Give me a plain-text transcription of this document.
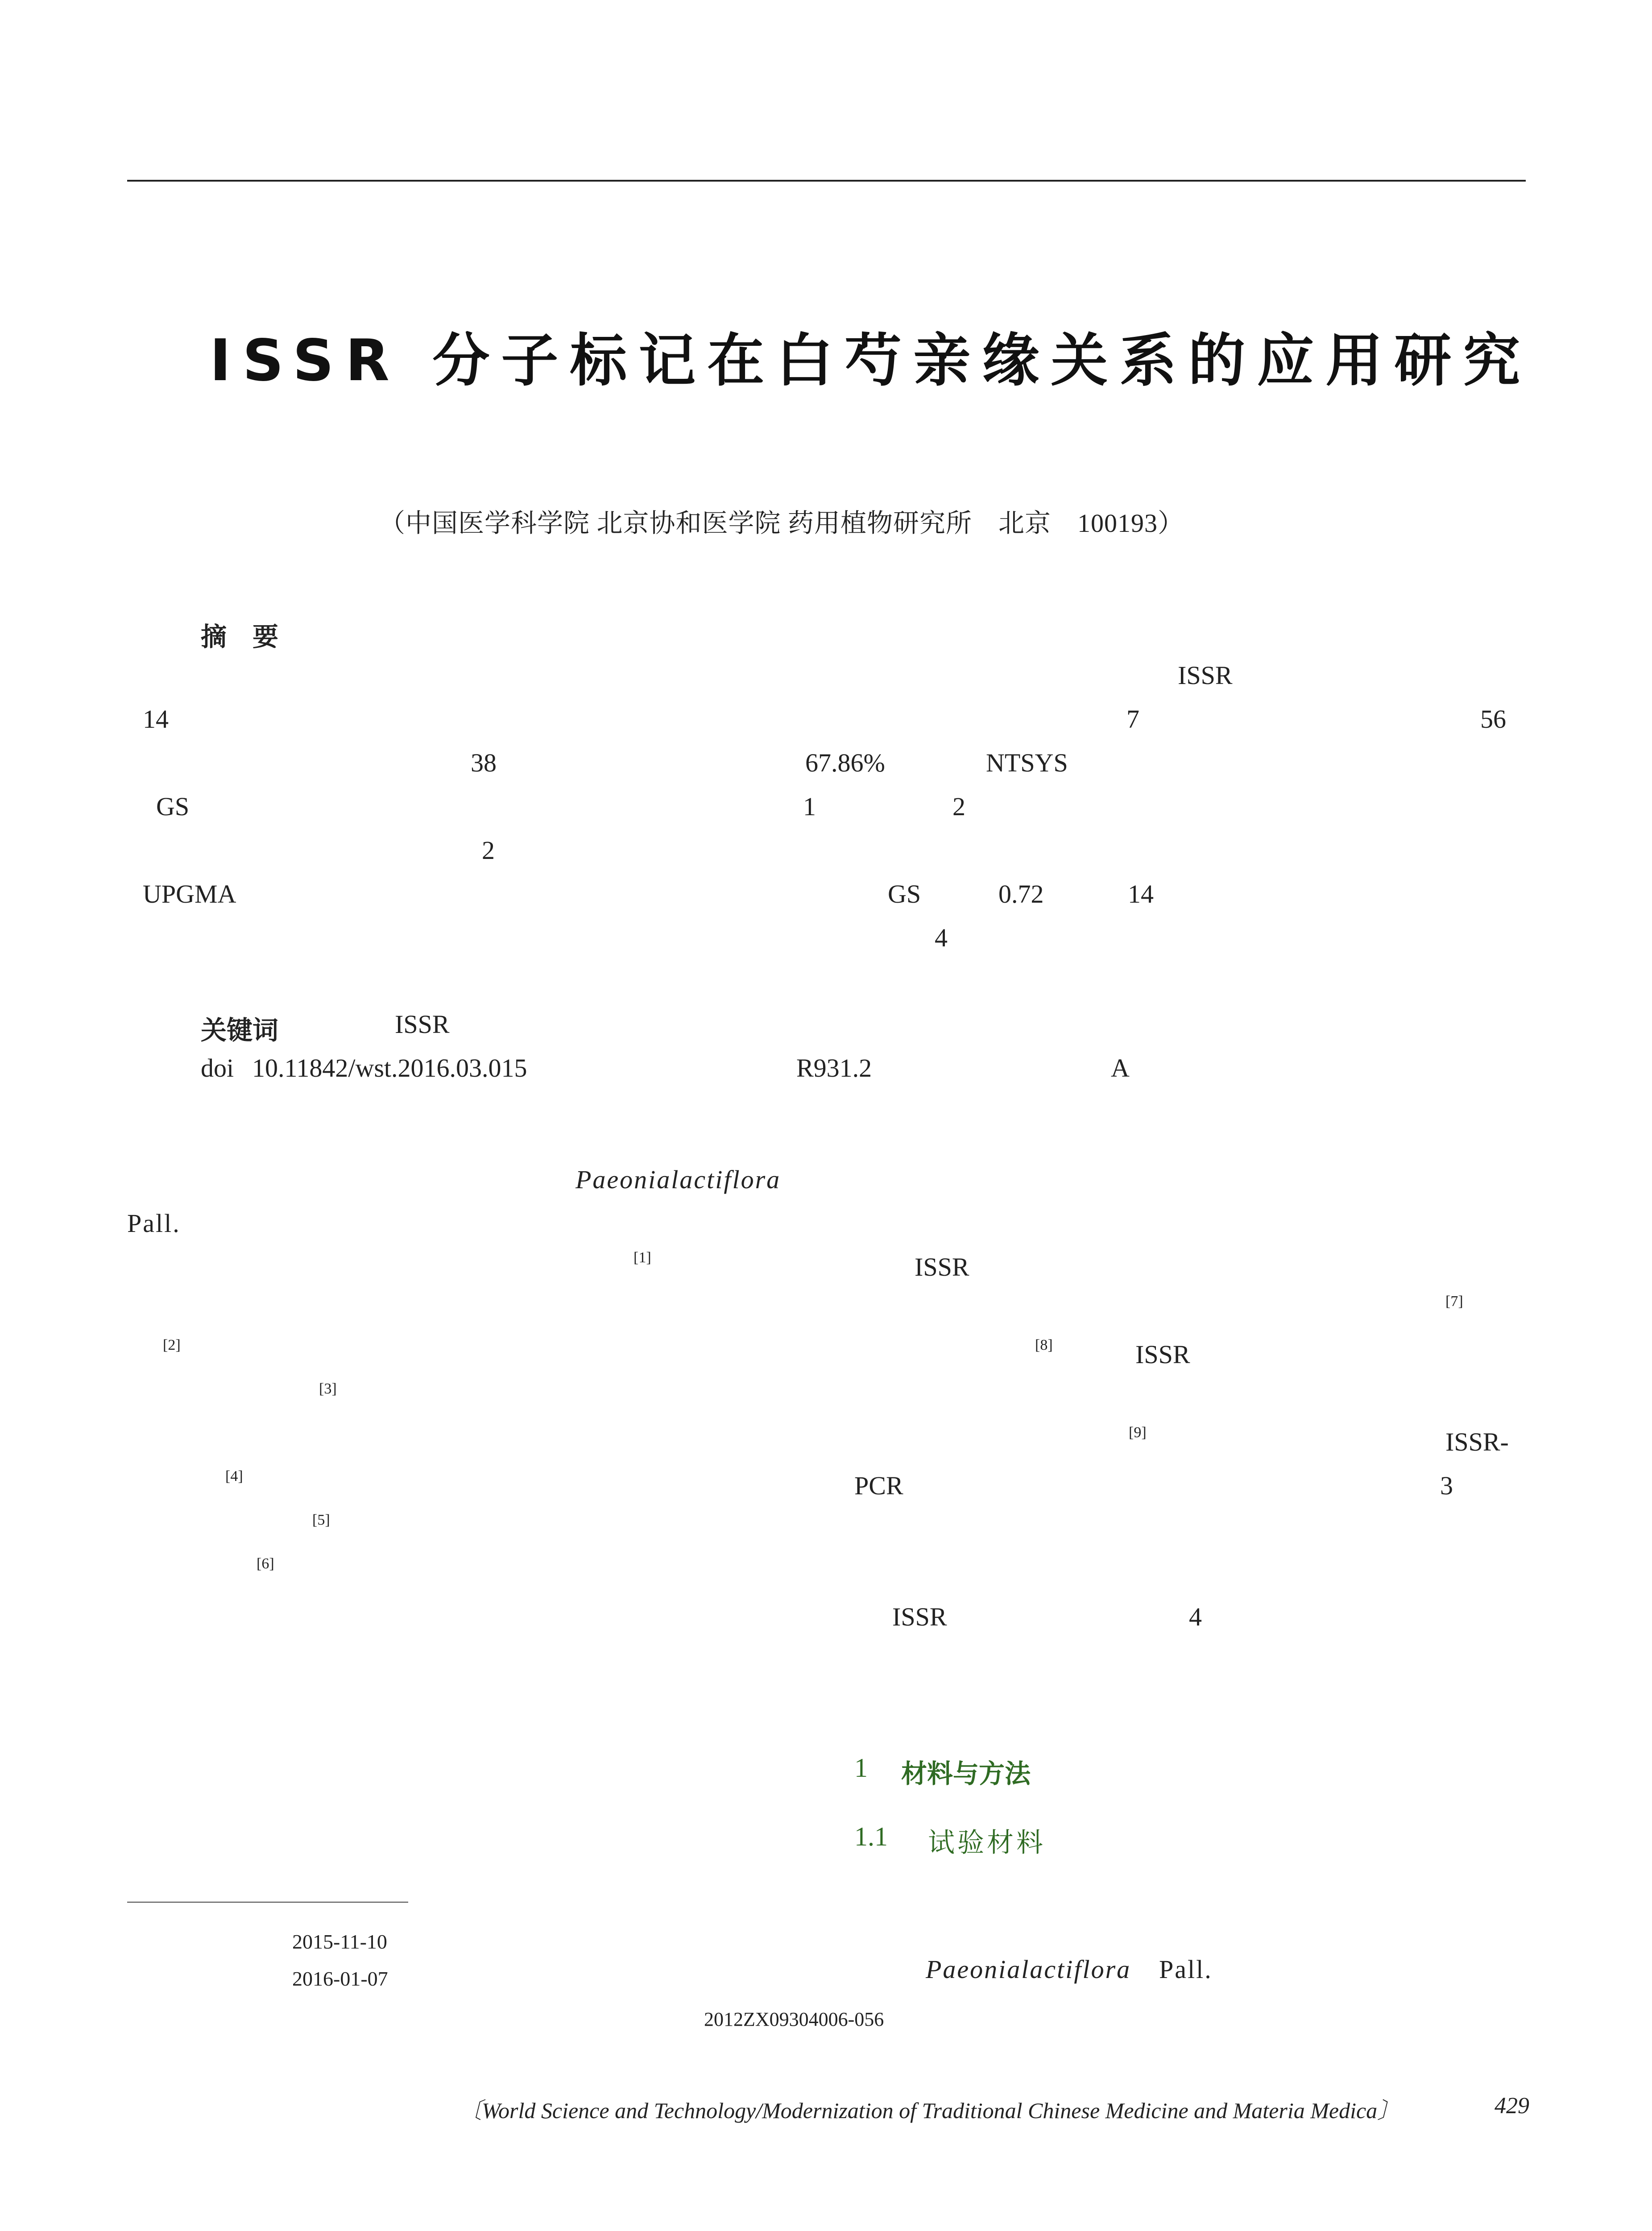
ISSR 分子标记在白芍亲缘关系的应用研究
（中国医学科学院 北京协和医学院 药用植物研究所　北京　100193）
摘　要
ISSR
14	7	56
38	67.86%	NTSYS
GS	1	2
2
UPGMA	GS	0.72	14
4
关键词	ISSR
doi 10.11842/wst.2016.03.015	R931.2	A
Paeonialactiflora
Pall.
[1]
[2]
[3]
[4]
[5]
[6]
ISSR
[7]
[8]	ISSR
[9]	ISSR-
PCR	3
ISSR	4
1 材料与方法
1.1 试验材料
Paeonialactiflora Pall.
2015-11-10
2016-01-07
2012ZX09304006-056
〔World Science and Technology/Modernization of Traditional Chinese Medicine and Materia Medica〕	429
